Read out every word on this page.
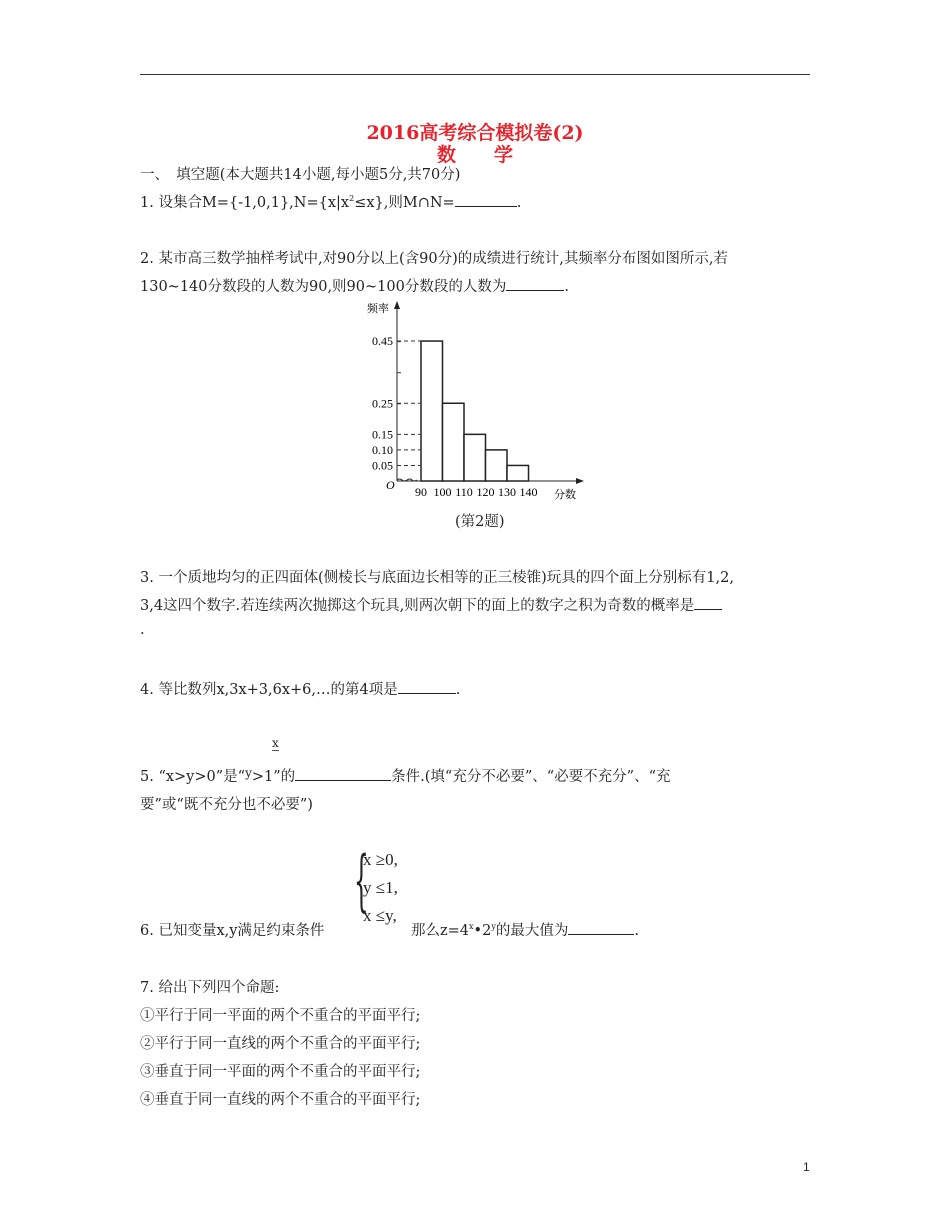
2016高考综合模拟卷(2)
数　　学
一、　填空题(本大题共14小题,每小题5分,共70分)
1. 设集合$M=\{-1,0,1\},N=\{x|x^2\le x\}$,则M∩N=	.
2. 某市高三数学抽样考试中,对90分以上(含90分)的成绩进行统计,其频率分布图如图所示,若
130~140分数段的人数为90,则90~100分数段的人数为	.
0.05
0.10
0.15
0.25
0.45
90 100 110 120 130 140
O
频率
分数
(第2题)
3. 一个质地均匀的正四面体(侧棱长与底面边长相等的正三棱锥)玩具的四个面上分别标有1,2,
3,4这四个数字.若连续两次抛掷这个玩具,则两次朝下的面上的数字之积为奇数的概率是
.
4. 等比数列x,3x+3,6x+6,…的第4项是	.
x
5. “x>y>0”是“$^y$>1”的	条件.(填“充分不必要”、“必要不充分”、“充
要”或“既不充分也不必要”)
{
x ≥0,
y ≤1,
x ≤y,
6. 已知变量x,y满足约束条件	那么$z=4^x•2^y$的最大值为	.
7. 给出下列四个命题:
①平行于同一平面的两个不重合的平面平行;
②平行于同一直线的两个不重合的平面平行;
③垂直于同一平面的两个不重合的平面平行;
④垂直于同一直线的两个不重合的平面平行;
1
